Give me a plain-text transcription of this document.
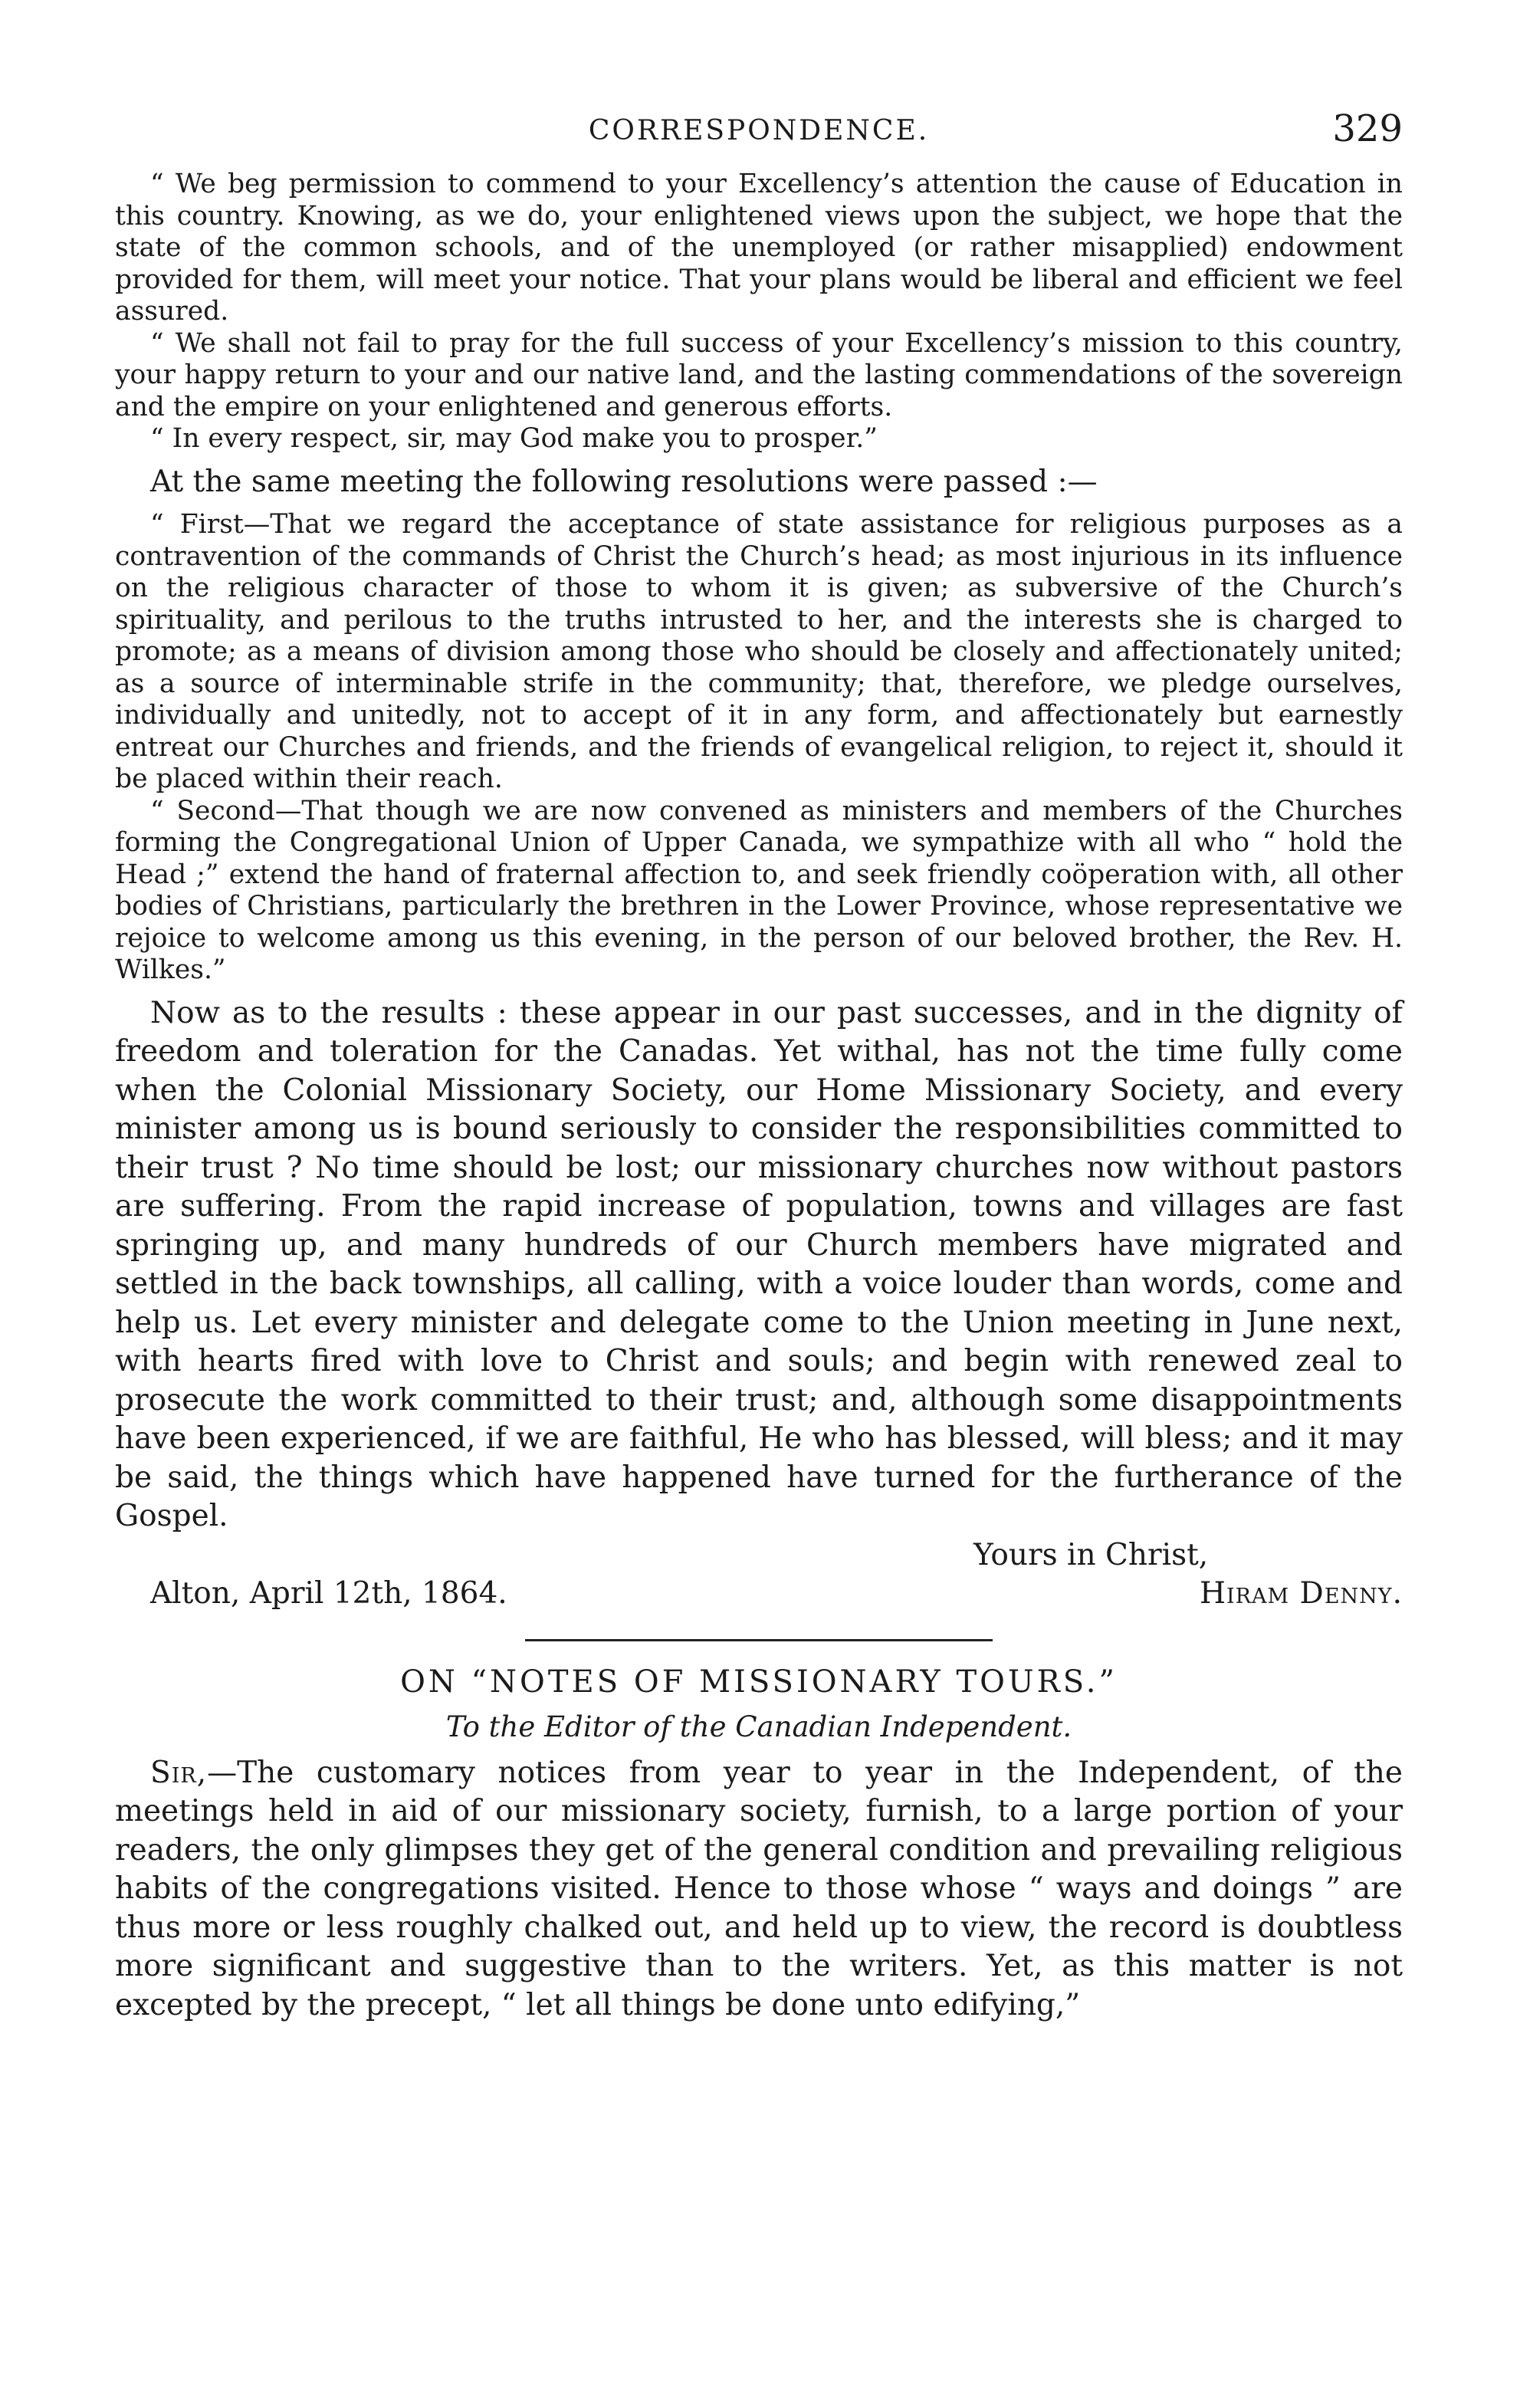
CORRESPONDENCE.	329

“ We beg permission to commend to your Excellency’s attention the cause of Education in this country. Knowing, as we do, your enlightened views upon the subject, we hope that the state of the common schools, and of the unemployed (or rather misapplied) endowment provided for them, will meet your notice. That your plans would be liberal and efficient we feel assured.

“ We shall not fail to pray for the full success of your Excellency’s mission to this country, your happy return to your and our native land, and the lasting commendations of the sovereign and the empire on your enlightened and generous efforts.

“ In every respect, sir, may God make you to prosper.”

At the same meeting the following resolutions were passed :—

“ First—That we regard the acceptance of state assistance for religious purposes as a contravention of the commands of Christ the Church’s head; as most injurious in its influence on the religious character of those to whom it is given; as subversive of the Church’s spirituality, and perilous to the truths intrusted to her, and the interests she is charged to promote; as a means of division among those who should be closely and affectionately united; as a source of interminable strife in the community; that, therefore, we pledge ourselves, individually and unitedly, not to accept of it in any form, and affectionately but earnestly entreat our Churches and friends, and the friends of evangelical religion, to reject it, should it be placed within their reach.

“ Second—That though we are now convened as ministers and members of the Churches forming the Congregational Union of Upper Canada, we sympathize with all who “ hold the Head ;” extend the hand of fraternal affection to, and seek friendly coöperation with, all other bodies of Christians, particularly the brethren in the Lower Province, whose representative we rejoice to welcome among us this evening, in the person of our beloved brother, the Rev. H. Wilkes.”

Now as to the results : these appear in our past successes, and in the dignity of freedom and toleration for the Canadas. Yet withal, has not the time fully come when the Colonial Missionary Society, our Home Missionary Society, and every minister among us is bound seriously to consider the responsibilities committed to their trust ? No time should be lost; our missionary churches now without pastors are suffering. From the rapid increase of population, towns and villages are fast springing up, and many hundreds of our Church members have migrated and settled in the back townships, all calling, with a voice louder than words, come and help us. Let every minister and delegate come to the Union meeting in June next, with hearts fired with love to Christ and souls; and begin with renewed zeal to prosecute the work committed to their trust; and, although some disappointments have been experienced, if we are faithful, He who has blessed, will bless; and it may be said, the things which have happened have turned for the furtherance of the Gospel.

Yours in Christ,
Alton, April 12th, 1864.	Hiram Denny.
ON “NOTES OF MISSIONARY TOURS.”
To the Editor of the Canadian Independent.

Sir,—The customary notices from year to year in the Independent, of the meetings held in aid of our missionary society, furnish, to a large portion of your readers, the only glimpses they get of the general condition and prevailing religious habits of the congregations visited. Hence to those whose “ ways and doings ” are thus more or less roughly chalked out, and held up to view, the record is doubtless more significant and suggestive than to the writers. Yet, as this matter is not excepted by the precept, “ let all things be done unto edifying,”
